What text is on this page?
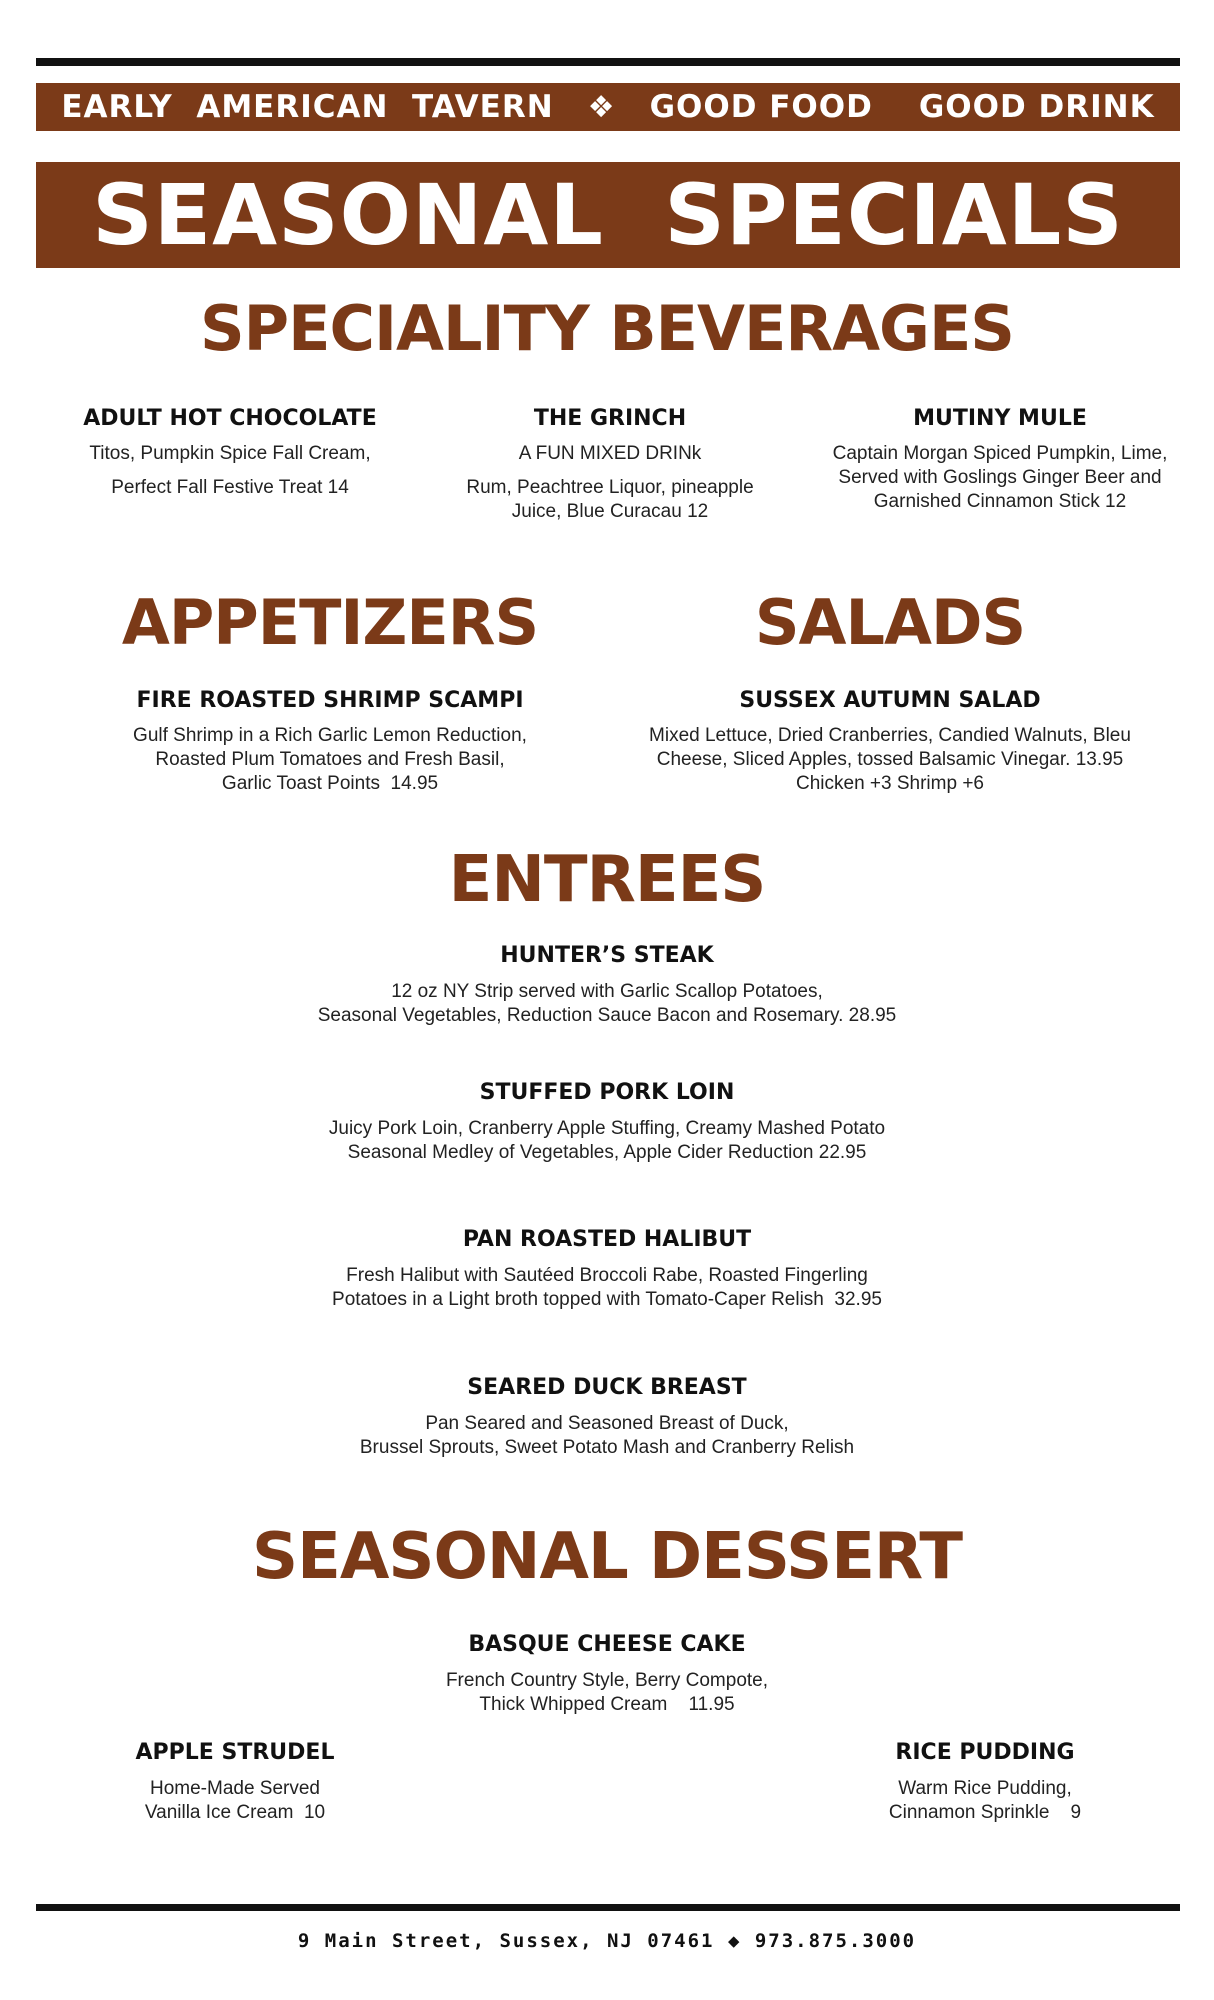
EARLY  AMERICAN  TAVERN ❖ GOOD FOOD GOOD DRINK
SEASONAL  SPECIALS
SPECIALITY BEVERAGES
ADULT HOT CHOCOLATE
Titos, Pumpkin Spice Fall Cream,
Perfect Fall Festive Treat 14
THE GRINCH
A FUN MIXED DRINk
Rum, Peachtree Liquor, pineapple
Juice, Blue Curacau 12
MUTINY MULE
Captain Morgan Spiced Pumpkin, Lime,
Served with Goslings Ginger Beer and
Garnished Cinnamon Stick 12
APPETIZERS	SALADS
FIRE ROASTED SHRIMP SCAMPI
Gulf Shrimp in a Rich Garlic Lemon Reduction,
Roasted Plum Tomatoes and Fresh Basil,
Garlic Toast Points  14.95
SUSSEX AUTUMN SALAD
Mixed Lettuce, Dried Cranberries, Candied Walnuts, Bleu
Cheese, Sliced Apples, tossed Balsamic Vinegar. 13.95
Chicken +3 Shrimp +6
ENTREES
HUNTER’S STEAK
12 oz NY Strip served with Garlic Scallop Potatoes,
Seasonal Vegetables, Reduction Sauce Bacon and Rosemary. 28.95
STUFFED PORK LOIN
Juicy Pork Loin, Cranberry Apple Stuffing, Creamy Mashed Potato
Seasonal Medley of Vegetables, Apple Cider Reduction 22.95
PAN ROASTED HALIBUT
Fresh Halibut with Sautéed Broccoli Rabe, Roasted Fingerling
Potatoes in a Light broth topped with Tomato-Caper Relish  32.95
SEARED DUCK BREAST
Pan Seared and Seasoned Breast of Duck,
Brussel Sprouts, Sweet Potato Mash and Cranberry Relish
SEASONAL DESSERT
BASQUE CHEESE CAKE
French Country Style, Berry Compote,
Thick Whipped Cream    11.95
APPLE STRUDEL
Home-Made Served
Vanilla Ice Cream  10
RICE PUDDING
Warm Rice Pudding,
Cinnamon Sprinkle    9
9 Main Street, Sussex, NJ 07461 ◆ 973.875.3000
